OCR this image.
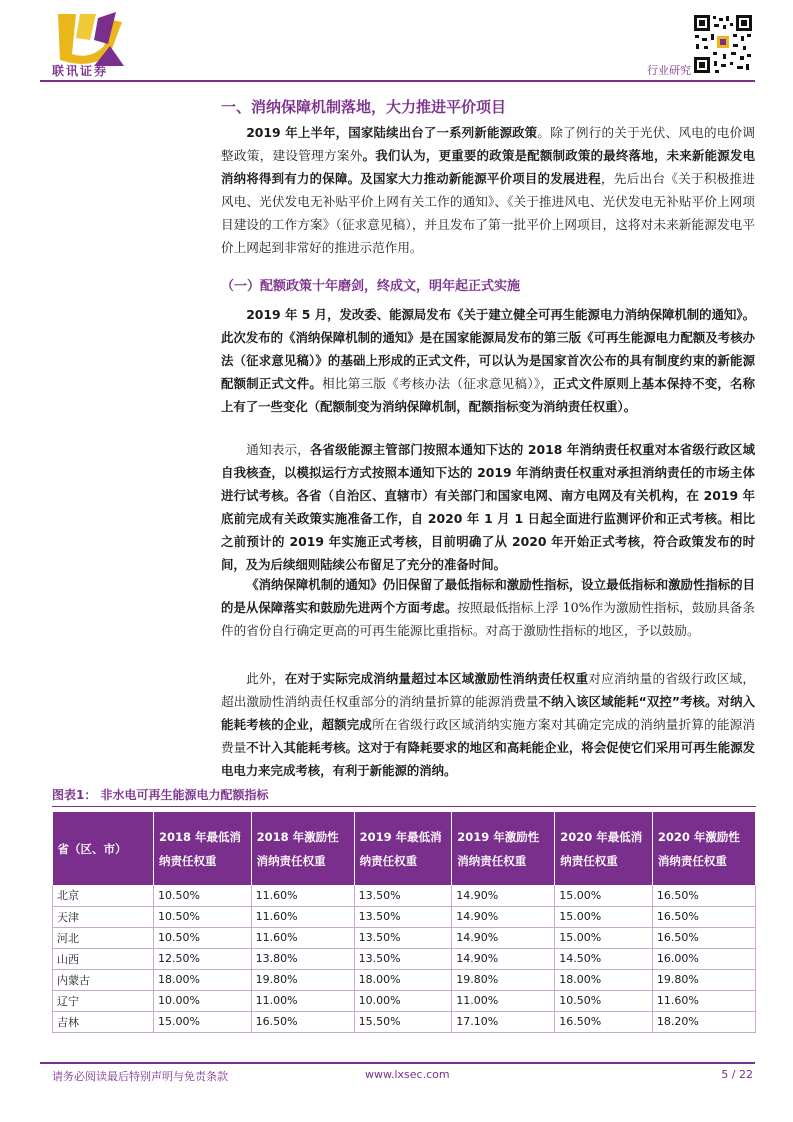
联讯证券	行业研究
一、消纳保障机制落地，大力推进平价项目
2019 年上半年，国家陆续出台了一系列新能源政策。除了例行的关于光伏、风电的电价调整政策，建设管理方案外。我们认为，更重要的政策是配额制政策的最终落地，未来新能源发电消纳将得到有力的保障。及国家大力推动新能源平价项目的发展进程，先后出台《关于积极推进风电、光伏发电无补贴平价上网有关工作的通知》、《关于推进风电、光伏发电无补贴平价上网项目建设的工作方案》（征求意见稿），并且发布了第一批平价上网项目，这将对未来新能源发电平价上网起到非常好的推进示范作用。
（一）配额政策十年磨剑，终成文，明年起正式实施
2019 年 5 月，发改委、能源局发布《关于建立健全可再生能源电力消纳保障机制的通知》。此次发布的《消纳保障机制的通知》是在国家能源局发布的第三版《可再生能源电力配额及考核办法（征求意见稿）》的基础上形成的正式文件，可以认为是国家首次公布的具有制度约束的新能源配额制正式文件。相比第三版《考核办法（征求意见稿）》，正式文件原则上基本保持不变，名称上有了一些变化（配额制变为消纳保障机制，配额指标变为消纳责任权重）。
通知表示，各省级能源主管部门按照本通知下达的 2018 年消纳责任权重对本省级行政区域自我核查，以模拟运行方式按照本通知下达的 2019 年消纳责任权重对承担消纳责任的市场主体进行试考核。各省（自治区、直辖市）有关部门和国家电网、南方电网及有关机构，在 2019 年底前完成有关政策实施准备工作，自 2020 年 1 月 1 日起全面进行监测评价和正式考核。相比之前预计的 2019 年实施正式考核，目前明确了从 2020 年开始正式考核，符合政策发布的时间，及为后续细则陆续公布留足了充分的准备时间。
《消纳保障机制的通知》仍旧保留了最低指标和激励性指标，设立最低指标和激励性指标的目的是从保障落实和鼓励先进两个方面考虑。按照最低指标上浮 10%作为激励性指标，鼓励具备条件的省份自行确定更高的可再生能源比重指标。对高于激励性指标的地区，予以鼓励。
此外，在对于实际完成消纳量超过本区域激励性消纳责任权重对应消纳量的省级行政区域，超出激励性消纳责任权重部分的消纳量折算的能源消费量不纳入该区域能耗“双控”考核。对纳入能耗考核的企业，超额完成所在省级行政区域消纳实施方案对其确定完成的消纳量折算的能源消费量不计入其能耗考核。这对于有降耗要求的地区和高耗能企业，将会促使它们采用可再生能源发电电力来完成考核，有利于新能源的消纳。
图表1： 非水电可再生能源电力配额指标
省（区、市）	2018 年最低消纳责任权重	2018 年激励性消纳责任权重	2019 年最低消纳责任权重	2019 年激励性消纳责任权重	2020 年最低消纳责任权重	2020 年激励性消纳责任权重
北京	10.50%	11.60%	13.50%	14.90%	15.00%	16.50%
天津	10.50%	11.60%	13.50%	14.90%	15.00%	16.50%
河北	10.50%	11.60%	13.50%	14.90%	15.00%	16.50%
山西	12.50%	13.80%	13.50%	14.90%	14.50%	16.00%
内蒙古	18.00%	19.80%	18.00%	19.80%	18.00%	19.80%
辽宁	10.00%	11.00%	10.00%	11.00%	10.50%	11.60%
吉林	15.00%	16.50%	15.50%	17.10%	16.50%	18.20%
请务必阅读最后特别声明与免责条款	www.lxsec.com	5 / 22
